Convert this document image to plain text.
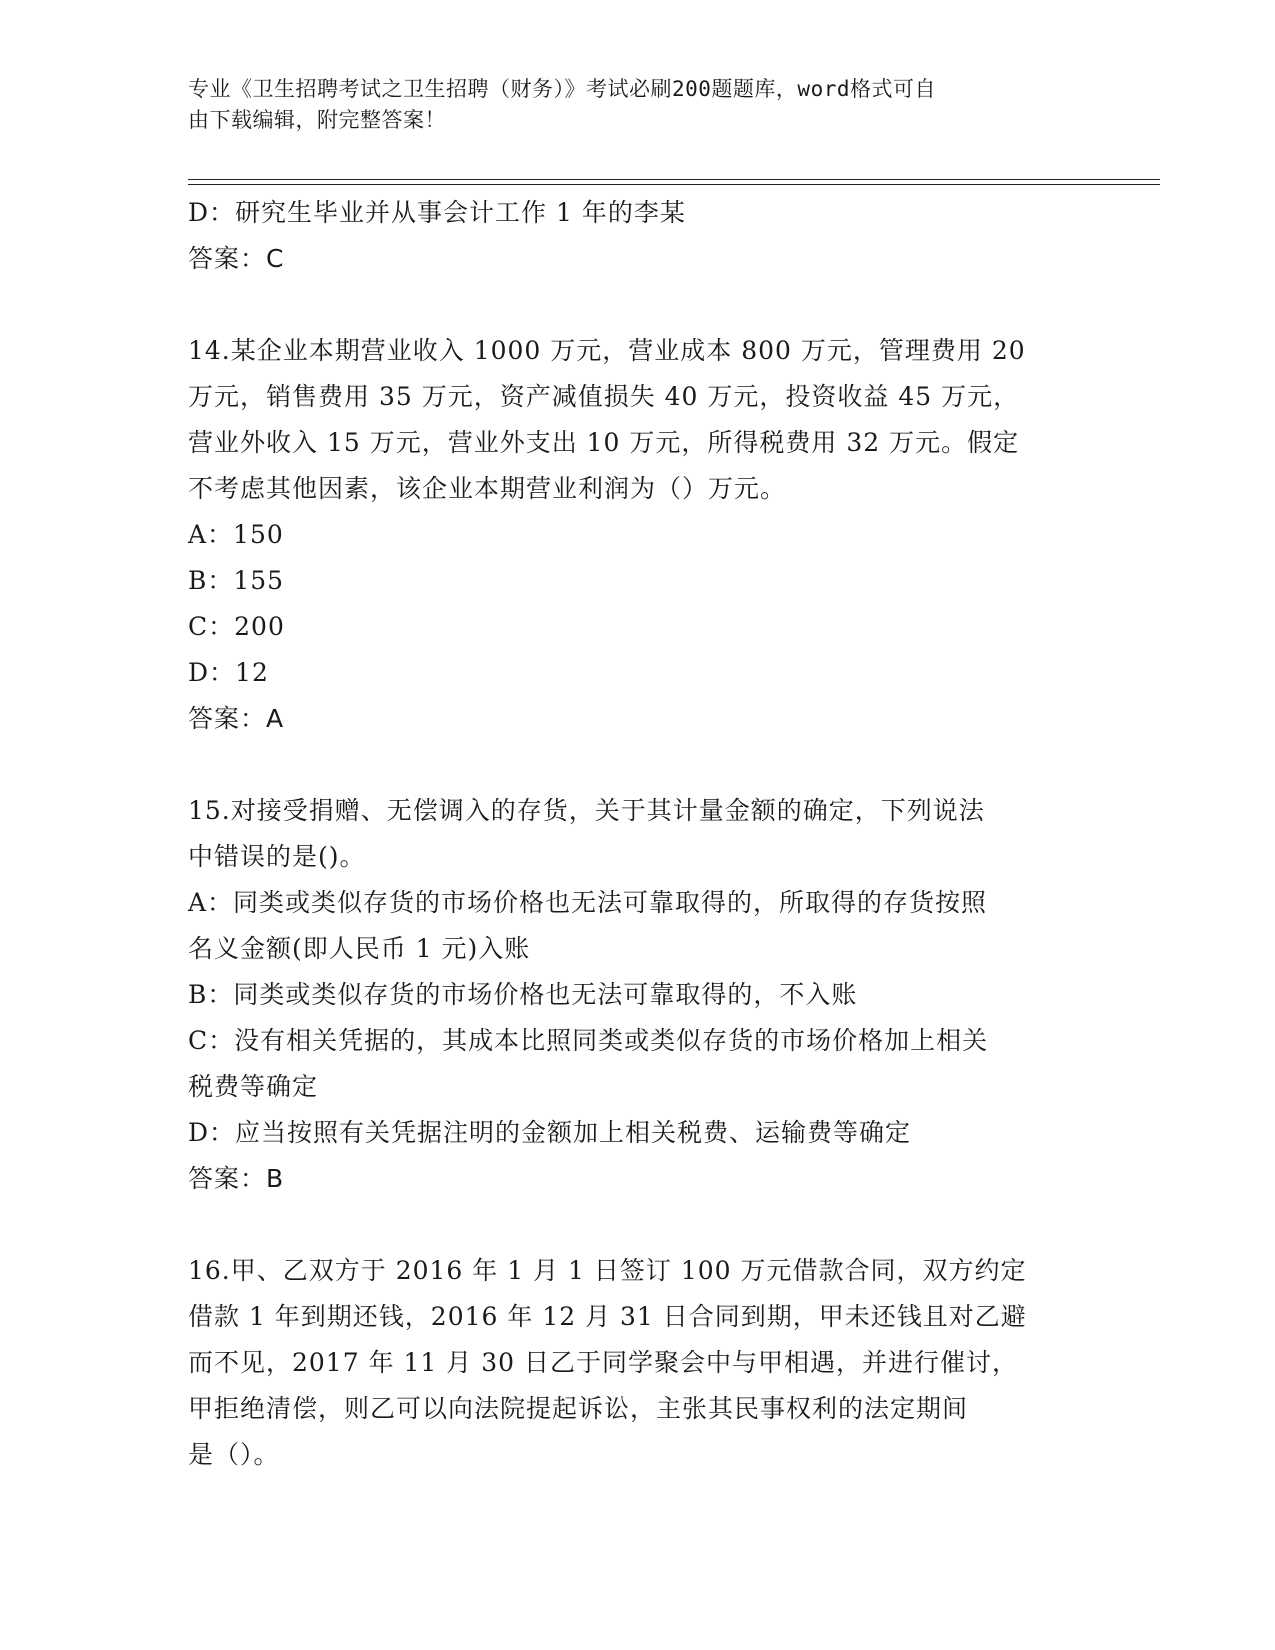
专业《卫生招聘考试之卫生招聘（财务）》考试必刷200题题库，word格式可自
由下载编辑，附完整答案！
D：研究生毕业并从事会计工作 1 年的李某
答案：C
14.某企业本期营业收入 1000 万元，营业成本 800 万元，管理费用 20
万元，销售费用 35 万元，资产减值损失 40 万元，投资收益 45 万元，
营业外收入 15 万元，营业外支出 10 万元，所得税费用 32 万元。假定
不考虑其他因素，该企业本期营业利润为（）万元。
A：150
B：155
C：200
D：12
答案：A
15.对接受捐赠、无偿调入的存货，关于其计量金额的确定，下列说法
中错误的是()。
A：同类或类似存货的市场价格也无法可靠取得的，所取得的存货按照
名义金额(即人民币 1 元)入账
B：同类或类似存货的市场价格也无法可靠取得的，不入账
C：没有相关凭据的，其成本比照同类或类似存货的市场价格加上相关
税费等确定
D：应当按照有关凭据注明的金额加上相关税费、运输费等确定
答案：B
16.甲、乙双方于 2016 年 1 月 1 日签订 100 万元借款合同，双方约定
借款 1 年到期还钱，2016 年 12 月 31 日合同到期，甲未还钱且对乙避
而不见，2017 年 11 月 30 日乙于同学聚会中与甲相遇，并进行催讨，
甲拒绝清偿，则乙可以向法院提起诉讼，主张其民事权利的法定期间
是（）。
